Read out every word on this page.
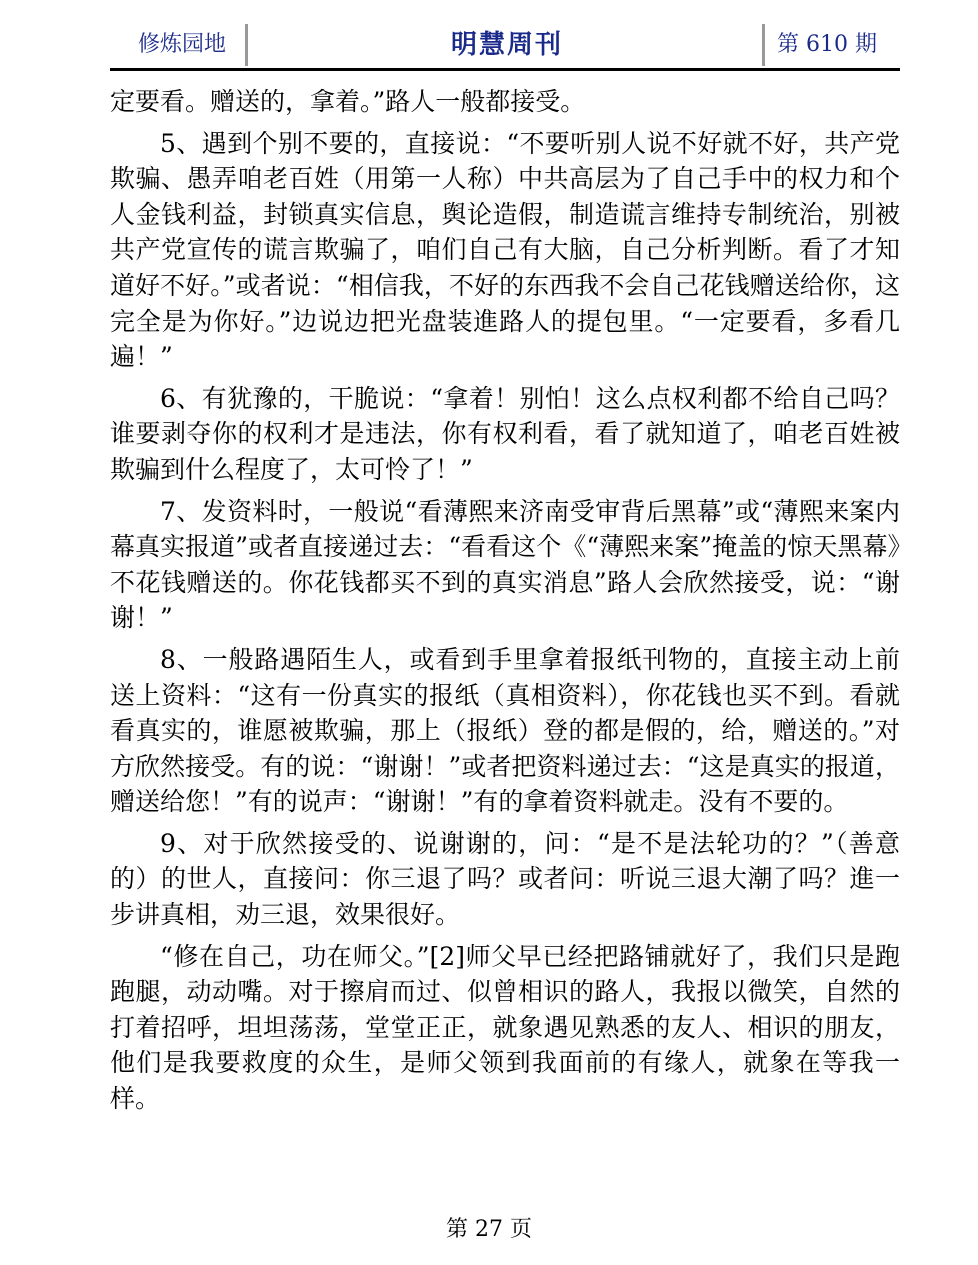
修炼园地	明慧周刊	第 610 期

定要看。赠送的，拿着。”路人一般都接受。

5、遇到个别不要的，直接说：“不要听别人说不好就不好，共产党欺骗、愚弄咱老百姓（用第一人称）中共高层为了自己手中的权力和个人金钱利益，封锁真实信息，舆论造假，制造谎言维持专制统治，别被共产党宣传的谎言欺骗了，咱们自己有大脑，自己分析判断。看了才知道好不好。”或者说：“相信我，不好的东西我不会自己花钱赠送给你，这完全是为你好。”边说边把光盘装進路人的提包里。“一定要看，多看几遍！”

6、有犹豫的，干脆说：“拿着！别怕！这么点权利都不给自己吗？谁要剥夺你的权利才是违法，你有权利看，看了就知道了，咱老百姓被欺骗到什么程度了，太可怜了！”

7、发资料时，一般说“看薄熙来济南受审背后黑幕”或“薄熙来案内幕真实报道”或者直接递过去：“看看这个《“薄熙来案”掩盖的惊天黑幕》不花钱赠送的。你花钱都买不到的真实消息”路人会欣然接受，说：“谢谢！”

8、一般路遇陌生人，或看到手里拿着报纸刊物的，直接主动上前送上资料：“这有一份真实的报纸（真相资料），你花钱也买不到。看就看真实的，谁愿被欺骗，那上（报纸）登的都是假的，给，赠送的。”对方欣然接受。有的说：“谢谢！”或者把资料递过去：“这是真实的报道，赠送给您！”有的说声：“谢谢！”有的拿着资料就走。没有不要的。

9、对于欣然接受的、说谢谢的，问：“是不是法轮功的？”（善意的）的世人，直接问：你三退了吗？或者问：听说三退大潮了吗？進一步讲真相，劝三退，效果很好。

“修在自己，功在师父。”[2]师父早已经把路铺就好了，我们只是跑跑腿，动动嘴。对于擦肩而过、似曾相识的路人，我报以微笑，自然的打着招呼，坦坦荡荡，堂堂正正，就象遇见熟悉的友人、相识的朋友，他们是我要救度的众生，是师父领到我面前的有缘人，就象在等我一样。

第 27 页
